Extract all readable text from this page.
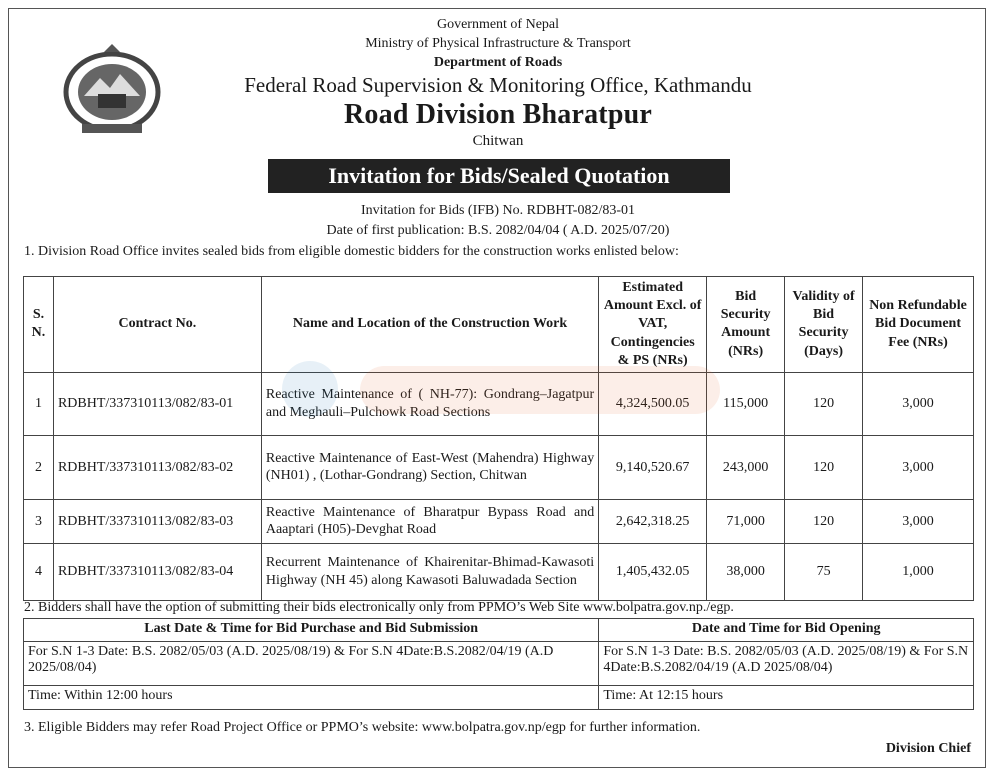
Government of Nepal
Ministry of Physical Infrastructure & Transport
Department of Roads
Federal Road Supervision & Monitoring Office, Kathmandu
Road Division Bharatpur
Chitwan
Invitation for Bids/Sealed Quotation
Invitation for Bids (IFB) No. RDBHT-082/83-01
Date of first publication: B.S. 2082/04/04 ( A.D. 2025/07/20)
1. Division Road Office invites sealed bids from eligible domestic bidders for the construction works enlisted below:
S. N.	Contract No.	Name and Location of the Construction Work	Estimated Amount Excl. of VAT, Contingencies & PS (NRs)	Bid Security Amount (NRs)	Validity of Bid Security (Days)	Non Refundable Bid Document Fee (NRs)
1	RDBHT/337310113/082/83-01	Reactive Maintenance of ( NH-77): Gondrang–Jagatpur and Meghauli–Pulchowk Road Sections	4,324,500.05	115,000	120	3,000
2	RDBHT/337310113/082/83-02	Reactive Maintenance of East-West (Mahendra) Highway (NH01) , (Lothar-Gondrang) Section, Chitwan	9,140,520.67	243,000	120	3,000
3	RDBHT/337310113/082/83-03	Reactive Maintenance of Bharatpur Bypass Road and Aaaptari (H05)-Devghat Road	2,642,318.25	71,000	120	3,000
4	RDBHT/337310113/082/83-04	Recurrent Maintenance of Khairenitar-Bhimad-Kawasoti Highway (NH 45) along Kawasoti Baluwadada Section	1,405,432.05	38,000	75	1,000
2. Bidders shall have the option of submitting their bids electronically only from PPMO’s Web Site www.bolpatra.gov.np./egp.
Last Date & Time for Bid Purchase and Bid Submission	Date and Time for Bid Opening
For S.N 1-3 Date: B.S. 2082/05/03 (A.D. 2025/08/19) & For S.N 4Date:B.S.2082/04/19 (A.D 2025/08/04)	For S.N 1-3 Date: B.S. 2082/05/03 (A.D. 2025/08/19) & For S.N 4Date:B.S.2082/04/19 (A.D 2025/08/04)
Time: Within 12:00 hours	Time: At 12:15 hours
3. Eligible Bidders may refer Road Project Office or PPMO’s website: www.bolpatra.gov.np/egp for further information.
Division Chief
